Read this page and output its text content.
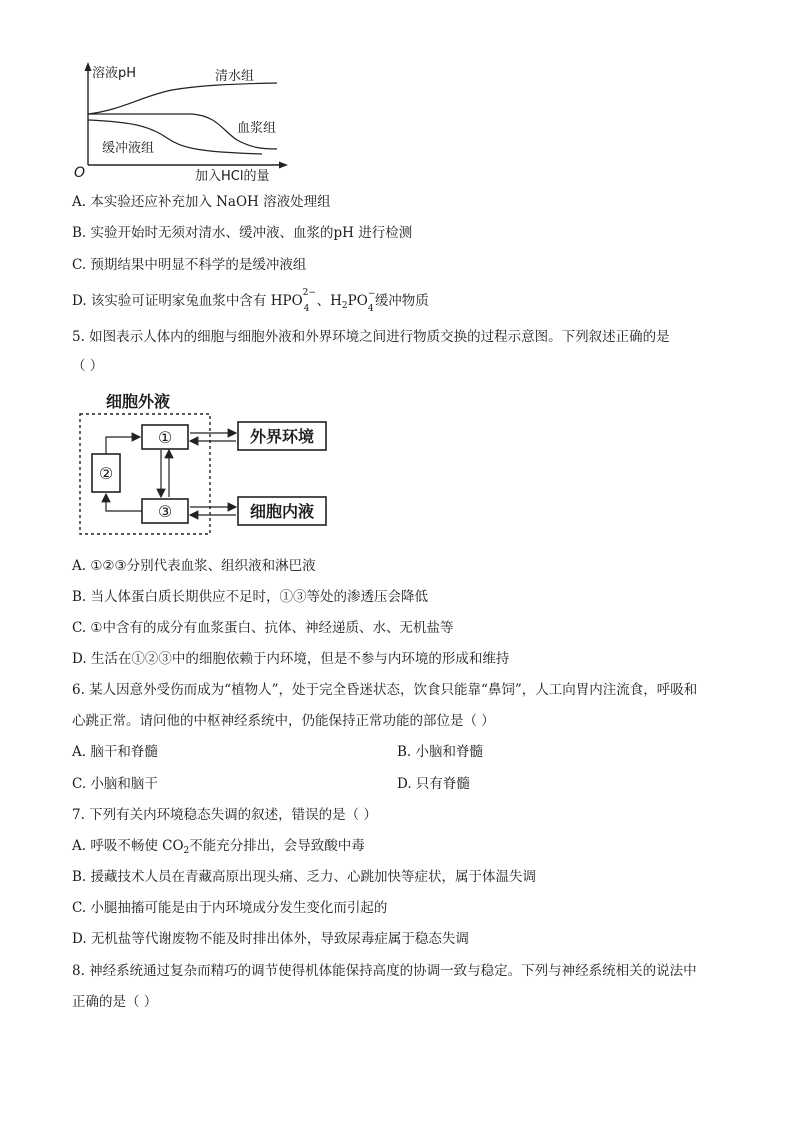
溶液pH
O	加入HCl的量
清水组
血浆组
缓冲液组
A. 本实验还应补充加入 NaOH 溶液处理组
B. 实验开始时无须对清水、缓冲液、血浆的pH 进行检测
C. 预期结果中明显不科学的是缓冲液组
D. 该实验可证明家兔血浆中含有 HPO 2−
4 、$H_2PO$ −
4 缓冲物质
5. 如图表示人体内的细胞与细胞外液和外界环境之间进行物质交换的过程示意图。下列叙述正确的是
（ ）
细胞外液
①
②
③
外界环境
细胞内液
A. ①②③分别代表血浆、组织液和淋巴液
B. 当人体蛋白质长期供应不足时，①③等处的渗透压会降低
C. ①中含有的成分有血浆蛋白、抗体、神经递质、水、无机盐等
D. 生活在①②③中的细胞依赖于内环境，但是不参与内环境的形成和维持
6. 某人因意外受伤而成为“植物人”，处于完全昏迷状态，饮食只能靠“鼻饲”，人工向胃内注流食，呼吸和
心跳正常。请问他的中枢神经系统中，仍能保持正常功能的部位是（ ）
A. 脑干和脊髓	B. 小脑和脊髓
C. 小脑和脑干	D. 只有脊髓
7. 下列有关内环境稳态失调的叙述，错误的是（ ）
A. 呼吸不畅使 $CO_2$不能充分排出，会导致酸中毒
B. 援藏技术人员在青藏高原出现头痛、乏力、心跳加快等症状，属于体温失调
C. 小腿抽搐可能是由于内环境成分发生变化而引起的
D. 无机盐等代谢废物不能及时排出体外，导致尿毒症属于稳态失调
8. 神经系统通过复杂而精巧的调节使得机体能保持高度的协调一致与稳定。下列与神经系统相关的说法中
正确的是（ ）
